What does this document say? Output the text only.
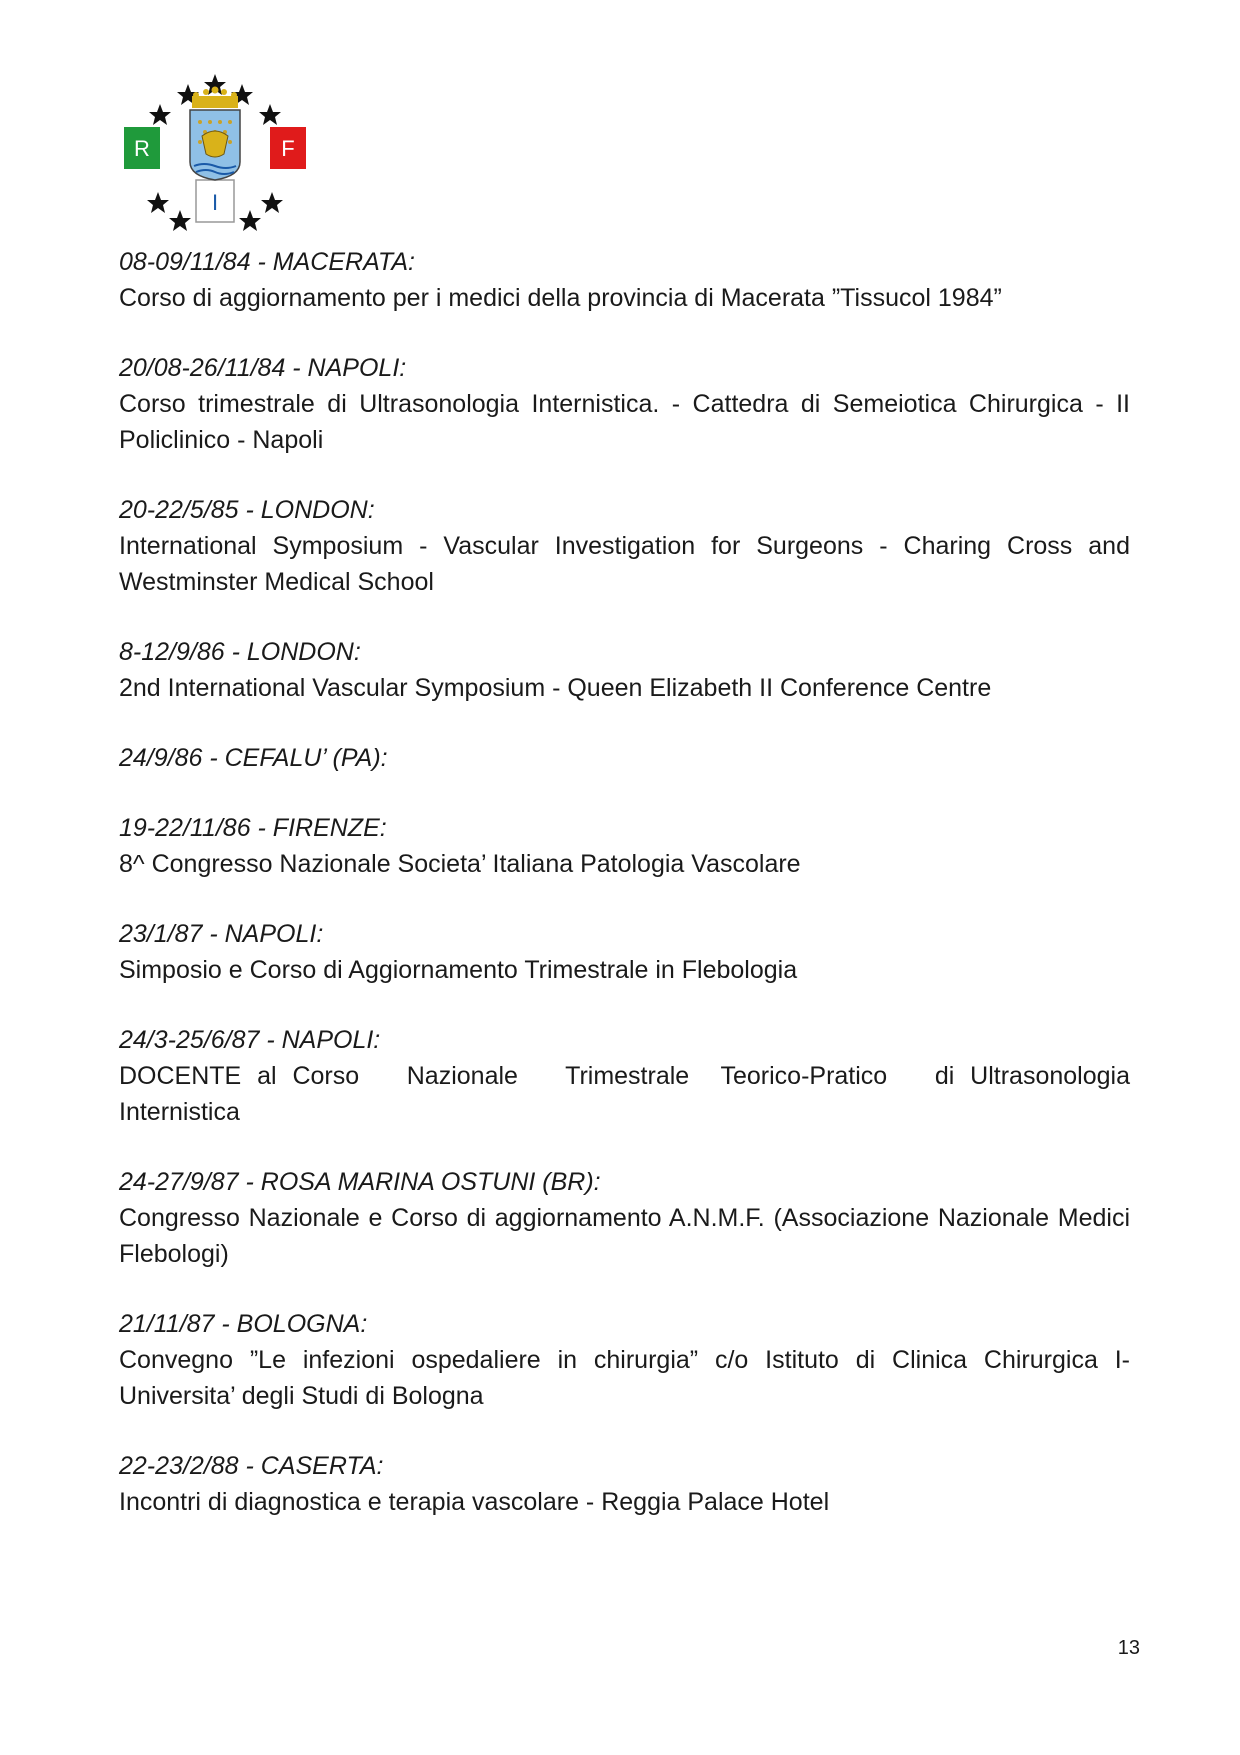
R	F
I

08-09/11/84 - MACERATA:

Corso di aggiornamento per i medici della provincia di Macerata ”Tissucol 1984”

20/08-26/11/84 - NAPOLI:

Corso trimestrale di Ultrasonologia Internistica. - Cattedra di Semeiotica Chirurgica - II Policlinico - Napoli

20-22/5/85 - LONDON:

International Symposium - Vascular Investigation for Surgeons - Charing Cross and Westminster Medical School

8-12/9/86 - LONDON:

2nd International Vascular Symposium - Queen Elizabeth II Conference Centre

24/9/86 - CEFALU’ (PA):

19-22/11/86 - FIRENZE:

8^ Congresso Nazionale Societa’ Italiana Patologia Vascolare

23/1/87 - NAPOLI:

Simposio e Corso di Aggiornamento Trimestrale in Flebologia

24/3-25/6/87 - NAPOLI:

DOCENTE al Corso   Nazionale   Trimestrale  Teorico-Pratico   di Ultrasonologia Internistica

24-27/9/87 - ROSA MARINA OSTUNI (BR):

Congresso Nazionale e Corso di aggiornamento A.N.M.F. (Associazione Nazionale Medici Flebologi)

21/11/87 - BOLOGNA:

Convegno ”Le infezioni ospedaliere in chirurgia” c/o Istituto di Clinica Chirurgica I-Universita’ degli Studi di Bologna

22-23/2/88 - CASERTA:

Incontri di diagnostica e terapia vascolare - Reggia Palace Hotel

13
